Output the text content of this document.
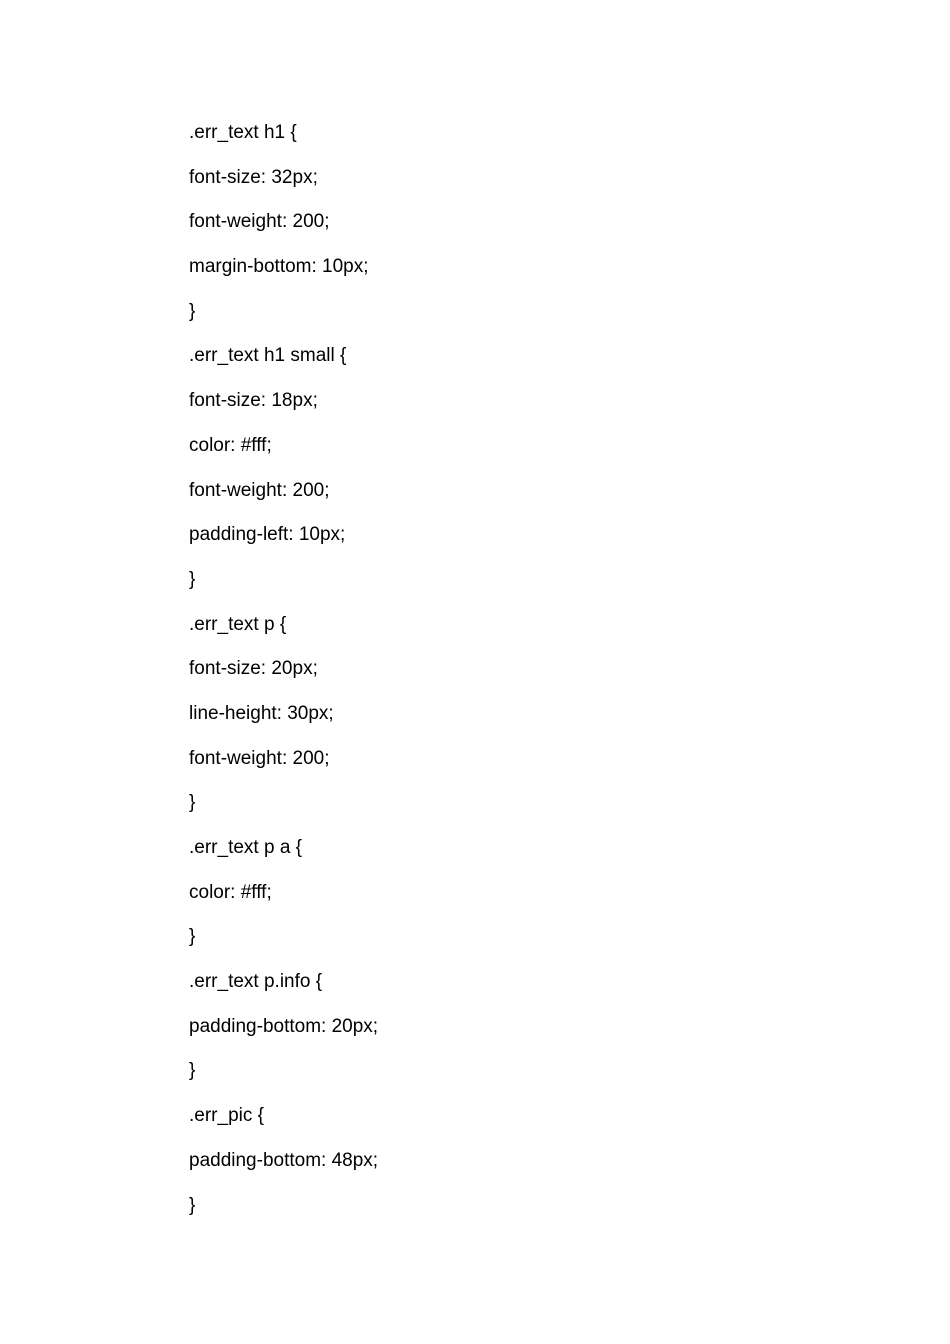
.err_text h1 {
font-size: 32px;
font-weight: 200;
margin-bottom: 10px;
}
.err_text h1 small {
font-size: 18px;
color: #fff;
font-weight: 200;
padding-left: 10px;
}
.err_text p {
font-size: 20px;
line-height: 30px;
font-weight: 200;
}
.err_text p a {
color: #fff;
}
.err_text p.info {
padding-bottom: 20px;
}
.err_pic {
padding-bottom: 48px;
}
